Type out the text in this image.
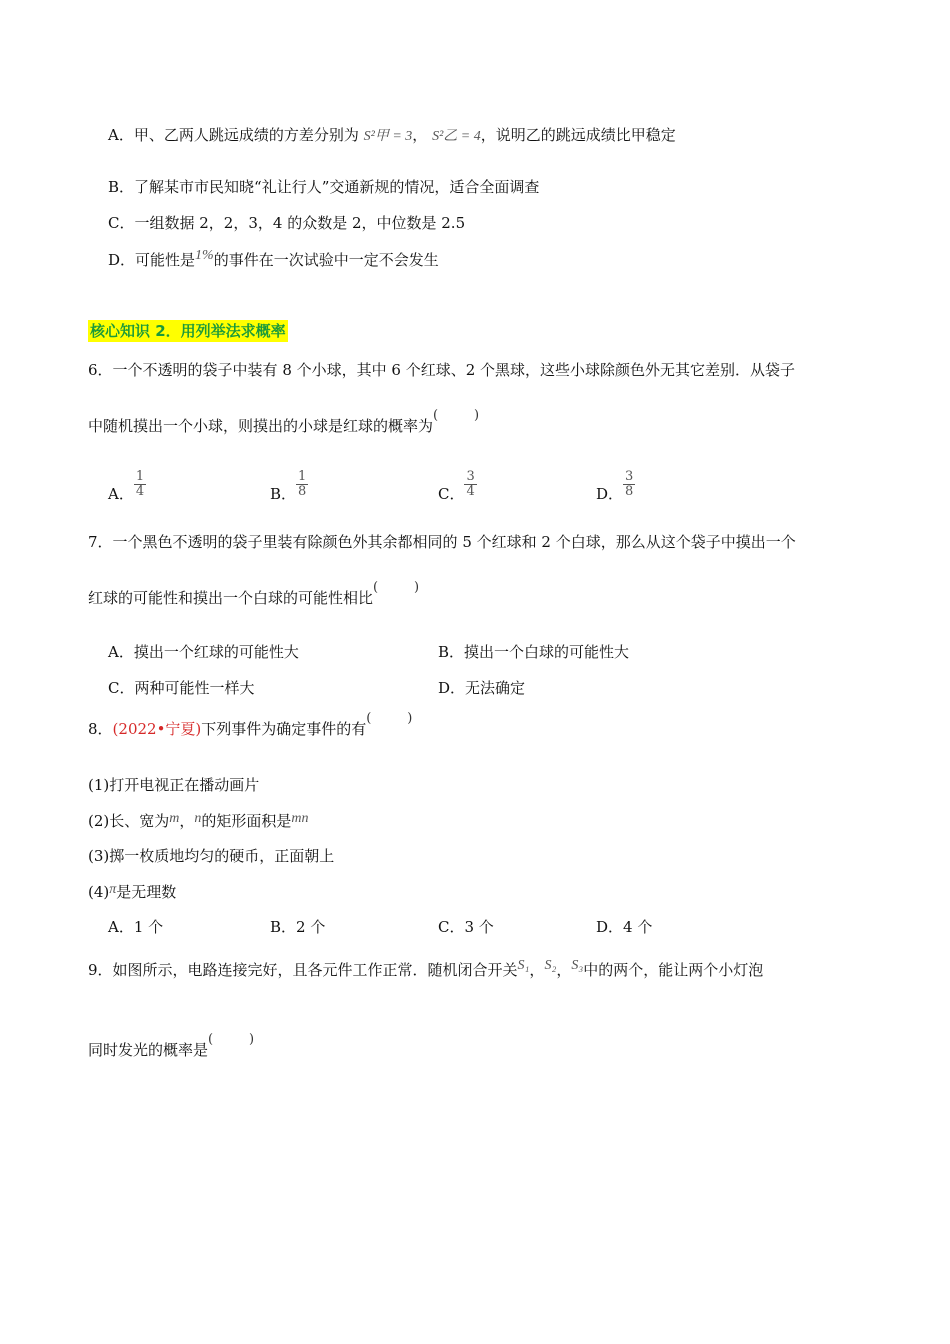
A．甲、乙两人跳远成绩的方差分别为 S²甲 = 3， S²乙 = 4，说明乙的跳远成绩比甲稳定
B．了解某市市民知晓“礼让行人”交通新规的情况，适合全面调查
C．一组数据 2，2，3，4 的众数是 2，中位数是 2.5
D．可能性是1%的事件在一次试验中一定不会发生
核心知识 2．用列举法求概率
6．一个不透明的袋子中装有 8 个小球，其中 6 个红球、2 个黑球，这些小球除颜色外无其它差别．从袋子
中随机摸出一个小球，则摸出的小球是红球的概率为
(	)
A． $\frac{1}{4}$	B． $\frac{1}{8}$	C． $\frac{3}{4}$	D． $\frac{3}{8}$
7．一个黑色不透明的袋子里装有除颜色外其余都相同的 5 个红球和 2 个白球，那么从这个袋子中摸出一个
红球的可能性和摸出一个白球的可能性相比
(	)
A．摸出一个红球的可能性大	B．摸出一个白球的可能性大
C．两种可能性一样大	D．无法确定
8．(2022•宁夏)下列事件为确定事件的有
(	)
(1)打开电视正在播动画片
(2)长、宽为m，n的矩形面积是mn
(3)掷一枚质地均匀的硬币，正面朝上
(4)π是无理数
A．1 个	B．2 个	C．3 个	D．4 个
9．如图所示，电路连接完好，且各元件工作正常．随机闭合开关S₁，S₂，S₃中的两个，能让两个小灯泡
同时发光的概率是
(	)
